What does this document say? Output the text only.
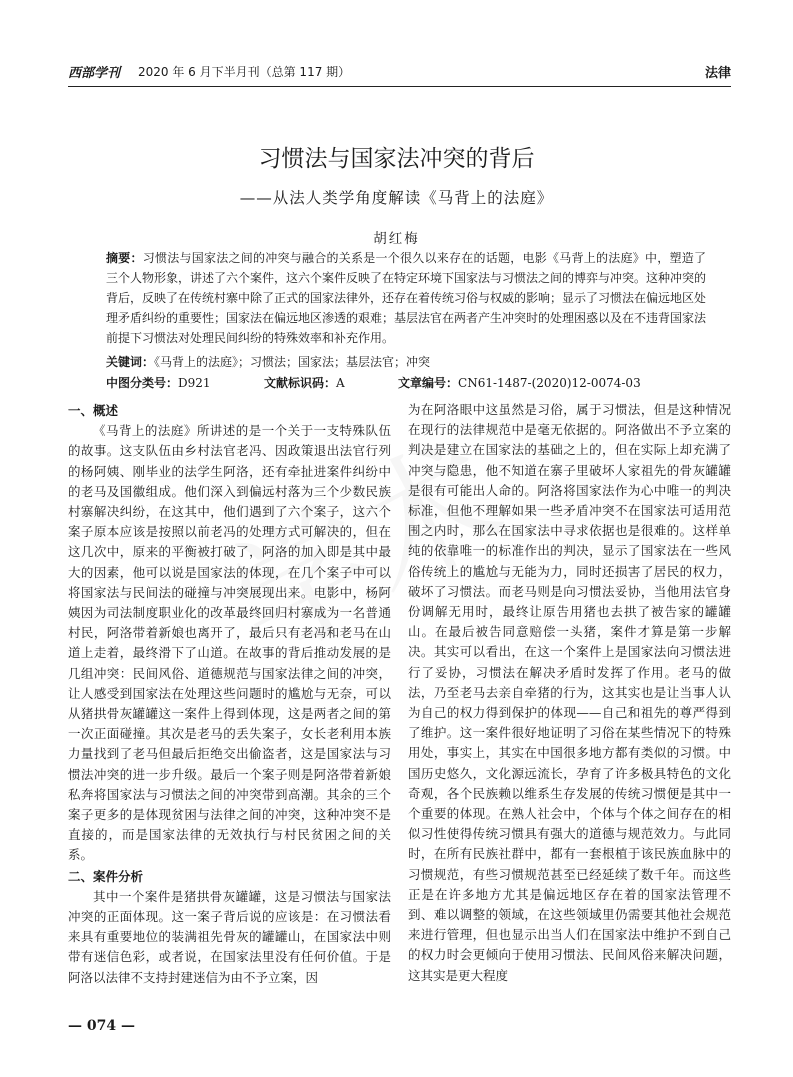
西部学刊 2020 年 6 月下半月刊（总第 117 期）	法律
习惯法与国家法冲突的背后
——从法人类学角度解读《马背上的法庭》
胡红梅
摘要：习惯法与国家法之间的冲突与融合的关系是一个很久以来存在的话题，电影《马背上的法庭》中，塑造了三个人物形象，讲述了六个案件，这六个案件反映了在特定环境下国家法与习惯法之间的博弈与冲突。这种冲突的背后，反映了在传统村寨中除了正式的国家法律外，还存在着传统习俗与权威的影响；显示了习惯法在偏远地区处理矛盾纠纷的重要性；国家法在偏远地区渗透的艰难；基层法官在两者产生冲突时的处理困惑以及在不违背国家法前提下习惯法对处理民间纠纷的特殊效率和补充作用。
关键词：《马背上的法庭》；习惯法；国家法；基层法官；冲突
中图分类号：D921	文献标识码：A	文章编号：CN61-1487-(2020)12-0074-03
一、概述

《马背上的法庭》所讲述的是一个关于一支特殊队伍的故事。这支队伍由乡村法官老冯、因政策退出法官行列的杨阿姨、刚毕业的法学生阿洛，还有牵扯进案件纠纷中的老马及国徽组成。他们深入到偏远村落为三个少数民族村寨解决纠纷，在这其中，他们遇到了六个案子，这六个案子原本应该是按照以前老冯的处理方式可解决的，但在这几次中，原来的平衡被打破了，阿洛的加入即是其中最大的因素，他可以说是国家法的体现，在几个案子中可以将国家法与民间法的碰撞与冲突展现出来。电影中，杨阿姨因为司法制度职业化的改革最终回归村寨成为一名普通村民，阿洛带着新娘也离开了，最后只有老冯和老马在山道上走着，最终滑下了山道。在故事的背后推动发展的是几组冲突：民间风俗、道德规范与国家法律之间的冲突，让人感受到国家法在处理这些问题时的尴尬与无奈，可以从猪拱骨灰罐罐这一案件上得到体现，这是两者之间的第一次正面碰撞。其次是老马的丢失案子，女长老利用本族力量找到了老马但最后拒绝交出偷盗者，这是国家法与习惯法冲突的进一步升级。最后一个案子则是阿洛带着新娘私奔将国家法与习惯法之间的冲突带到高潮。其余的三个案子更多的是体现贫困与法律之间的冲突，这种冲突不是直接的，而是国家法律的无效执行与村民贫困之间的关系。

二、案件分析

其中一个案件是猪拱骨灰罐罐，这是习惯法与国家法冲突的正面体现。这一案子背后说的应该是：在习惯法看来具有重要地位的装满祖先骨灰的罐罐山，在国家法中则带有迷信色彩，或者说，在国家法里没有任何价值。于是阿洛以法律不支持封建迷信为由不予立案，因

为在阿洛眼中这虽然是习俗，属于习惯法，但是这种情况在现行的法律规范中是毫无依据的。阿洛做出不予立案的判决是建立在国家法的基础之上的，但在实际上却充满了冲突与隐患，他不知道在寨子里破坏人家祖先的骨灰罐罐是很有可能出人命的。阿洛将国家法作为心中唯一的判决标准，但他不理解如果一些矛盾冲突不在国家法可适用范围之内时，那么在国家法中寻求依据也是很难的。这样单纯的依靠唯一的标准作出的判决，显示了国家法在一些风俗传统上的尴尬与无能为力，同时还损害了居民的权力，破坏了习惯法。而老马则是向习惯法妥协，当他用法官身份调解无用时，最终让原告用猪也去拱了被告家的罐罐山。在最后被告同意赔偿一头猪，案件才算是第一步解决。其实可以看出，在这一个案件上是国家法向习惯法进行了妥协，习惯法在解决矛盾时发挥了作用。老马的做法，乃至老马去亲自牵猪的行为，这其实也是让当事人认为自己的权力得到保护的体现——自己和祖先的尊严得到了维护。这一案件很好地证明了习俗在某些情况下的特殊用处，事实上，其实在中国很多地方都有类似的习惯。中国历史悠久，文化源远流长，孕育了许多极具特色的文化奇观，各个民族赖以维系生存发展的传统习惯便是其中一个重要的体现。在熟人社会中，个体与个体之间存在的相似习性使得传统习惯具有强大的道德与规范效力。与此同时，在所有民族社群中，都有一套根植于该民族血脉中的习惯规范，有些习惯规范甚至已经延续了数千年。而这些正是在许多地方尤其是偏远地区存在着的国家法管理不到、难以调整的领域，在这些领域里仍需要其他社会规范来进行管理，但也显示出当人们在国家法中维护不到自己的权力时会更倾向于使用习惯法、民间风俗来解决问题，这其实是更大程度

— 074 —
